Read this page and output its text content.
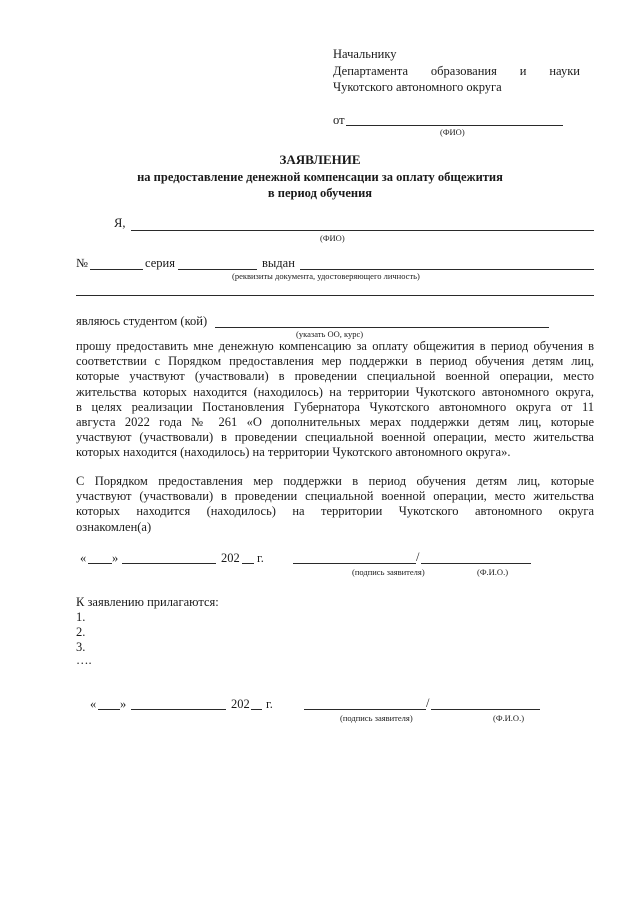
Начальнику
Департамента образования и науки
Чукотского автономного округа
от
(ФИО)
ЗАЯВЛЕНИЕ
на предоставление денежной компенсации за оплату общежития
в период обучения
Я,
(ФИО)
№	серия	выдан
(реквизиты документа, удостоверяющего личность)
являюсь студентом (кой)
(указать ОО, курс)
прошу предоставить мне денежную компенсацию за оплату общежития в период обучения в
соответствии с Порядком предоставления мер поддержки в период обучения детям лиц,
которые участвуют (участвовали) в проведении специальной военной операции, место
жительства которых находится (находилось) на территории Чукотского автономного округа,
в целях реализации Постановления Губернатора Чукотского автономного округа от 11
августа 2022 года № 261 «О дополнительных мерах поддержки детям лиц, которые
участвуют (участвовали) в проведении специальной военной операции, место жительства
которых находится (находилось) на территории Чукотского автономного округа».
С Порядком предоставления мер поддержки в период обучения детям лиц, которые
участвуют (участвовали) в проведении специальной военной операции, место жительства
которых находится (находилось) на территории Чукотского автономного округа
ознакомлен(а)
« »	202 г.	/
(подпись заявителя)	(Ф.И.О.)
К заявлению прилагаются:
1.
2.
3.
….
« »	202 г.	/
(подпись заявителя)	(Ф.И.О.)
